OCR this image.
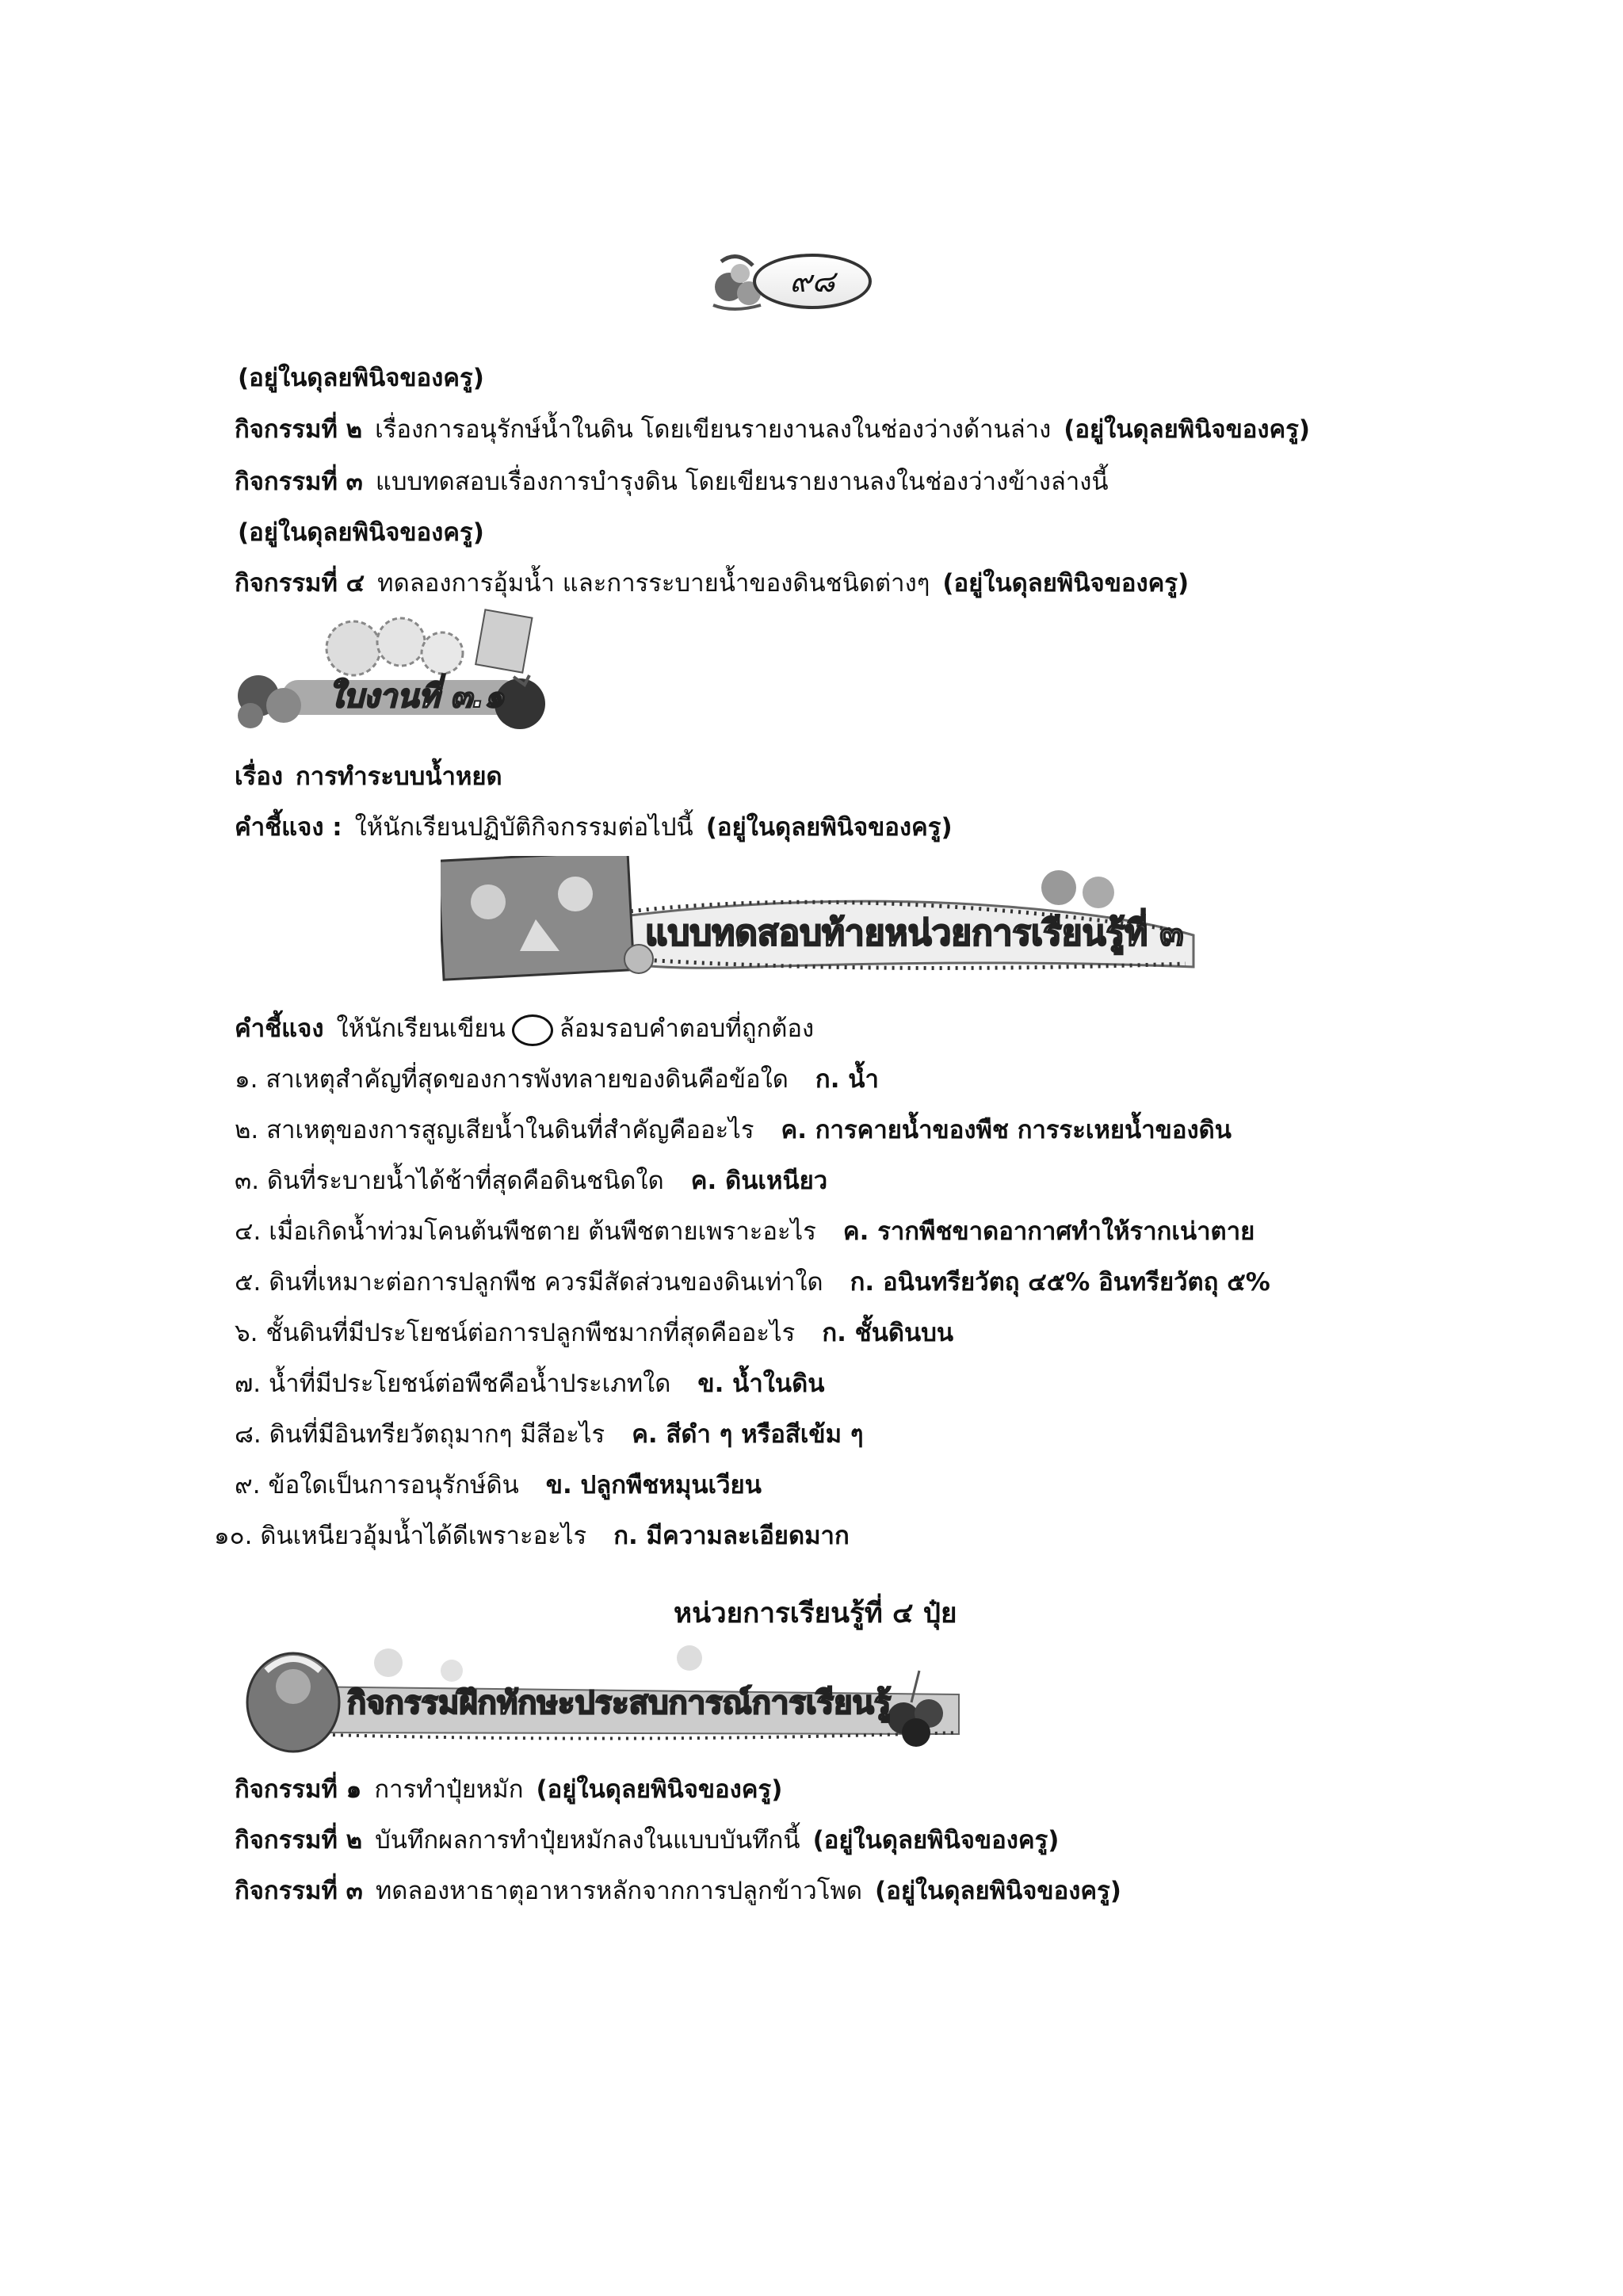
๙๘
(อยู่ในดุลยพินิจของครู)
กิจกรรมที่ ๒ เรื่องการอนุรักษ์น้ำในดิน โดยเขียนรายงานลงในช่องว่างด้านล่าง (อยู่ในดุลยพินิจของครู)
กิจกรรมที่ ๓ แบบทดสอบเรื่องการบำรุงดิน โดยเขียนรายงานลงในช่องว่างข้างล่างนี้
(อยู่ในดุลยพินิจของครู)
กิจกรรมที่ ๔ ทดลองการอุ้มน้ำ และการระบายน้ำของดินชนิดต่างๆ (อยู่ในดุลยพินิจของครู)
ใบงานที่ ๓.๑
เรื่อง การทำระบบน้ำหยด
คำชี้แจง : ให้นักเรียนปฏิบัติกิจกรรมต่อไปนี้ (อยู่ในดุลยพินิจของครู)
แบบทดสอบท้ายหน่วยการเรียนรู้ที่ ๓
คำชี้แจง ให้นักเรียนเขียน ล้อมรอบคำตอบที่ถูกต้อง
๑. สาเหตุสำคัญที่สุดของการพังทลายของดินคือข้อใด ก. น้ำ
๒. สาเหตุของการสูญเสียน้ำในดินที่สำคัญคืออะไร ค. การคายน้ำของพืช การระเหยน้ำของดิน
๓. ดินที่ระบายน้ำได้ช้าที่สุดคือดินชนิดใด ค. ดินเหนียว
๔. เมื่อเกิดน้ำท่วมโคนต้นพืชตาย ต้นพืชตายเพราะอะไร ค. รากพืชขาดอากาศทำให้รากเน่าตาย
๕. ดินที่เหมาะต่อการปลูกพืช ควรมีสัดส่วนของดินเท่าใด ก. อนินทรียวัตถุ ๔๕% อินทรียวัตถุ ๕%
๖. ชั้นดินที่มีประโยชน์ต่อการปลูกพืชมากที่สุดคืออะไร ก. ชั้นดินบน
๗. น้ำที่มีประโยชน์ต่อพืชคือน้ำประเภทใด ข. น้ำในดิน
๘. ดินที่มีอินทรียวัตถุมากๆ มีสีอะไร ค. สีดำ ๆ หรือสีเข้ม ๆ
๙. ข้อใดเป็นการอนุรักษ์ดิน ข. ปลูกพืชหมุนเวียน
๑๐. ดินเหนียวอุ้มน้ำได้ดีเพราะอะไร ก. มีความละเอียดมาก
หน่วยการเรียนรู้ที่ ๔ ปุ๋ย
กิจกรรมฝึกทักษะประสบการณ์การเรียนรู้
กิจกรรมที่ ๑ การทำปุ๋ยหมัก (อยู่ในดุลยพินิจของครู)
กิจกรรมที่ ๒ บันทึกผลการทำปุ๋ยหมักลงในแบบบันทึกนี้ (อยู่ในดุลยพินิจของครู)
กิจกรรมที่ ๓ ทดลองหาธาตุอาหารหลักจากการปลูกข้าวโพด (อยู่ในดุลยพินิจของครู)
